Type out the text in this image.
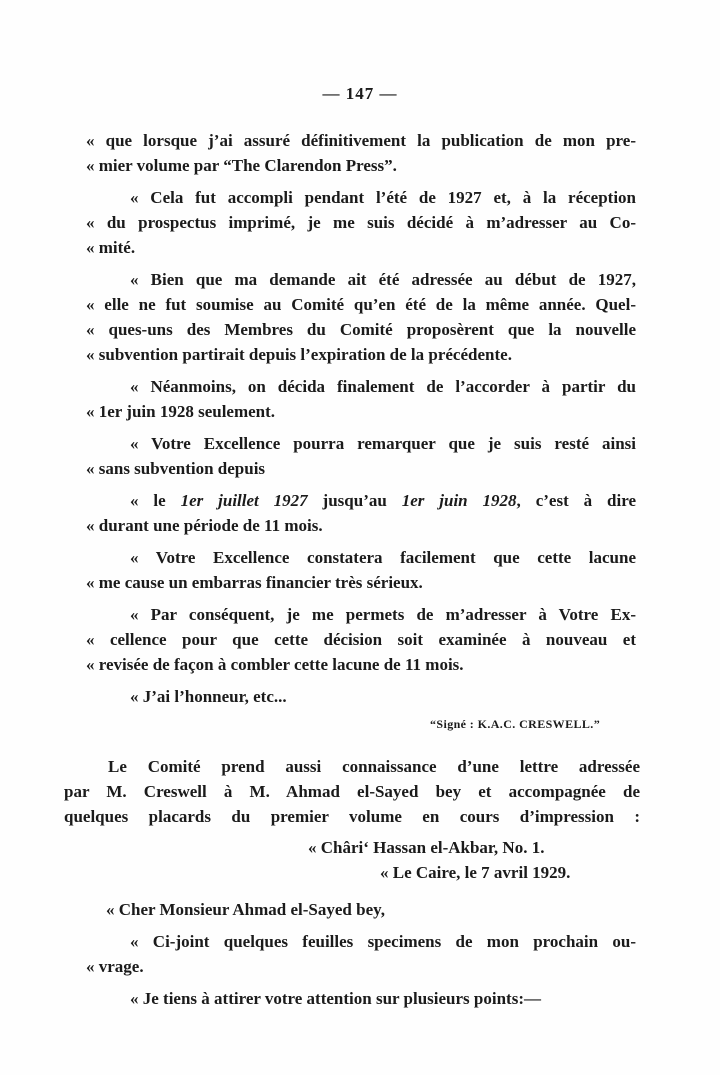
— 147 —
« que lorsque j’ai assuré définitivement la publication de mon pre-
« mier volume par “The Clarendon Press”.
« Cela fut accompli pendant l’été de 1927 et, à la réception
« du prospectus imprimé, je me suis décidé à m’adresser au Co-
« mité.
« Bien que ma demande ait été adressée au début de 1927,
« elle ne fut soumise au Comité qu’en été de la même année. Quel-
« ques-uns des Membres du Comité proposèrent que la nouvelle
« subvention partirait depuis l’expiration de la précédente.
« Néanmoins, on décida finalement de l’accorder à partir du
« 1er juin 1928 seulement.
« Votre Excellence pourra remarquer que je suis resté ainsi
« sans subvention depuis
« le 1er juillet 1927 jusqu’au 1er juin 1928, c’est à dire
« durant une période de 11 mois.
« Votre Excellence constatera facilement que cette lacune
« me cause un embarras financier très sérieux.
« Par conséquent, je me permets de m’adresser à Votre Ex-
« cellence pour que cette décision soit examinée à nouveau et
« revisée de façon à combler cette lacune de 11 mois.
« J’ai l’honneur, etc...
“Signé : K.A.C. CRESWELL.”
Le Comité prend aussi connaissance d’une lettre adressée
par M. Creswell à M. Ahmad el-Sayed bey et accompagnée de
quelques placards du premier volume en cours d’impression :
« Châri‘ Hassan el-Akbar, No. 1.
« Le Caire, le 7 avril 1929.
« Cher Monsieur Ahmad el-Sayed bey,
« Ci-joint quelques feuilles specimens de mon prochain ou-
« vrage.
« Je tiens à attirer votre attention sur plusieurs points:—
